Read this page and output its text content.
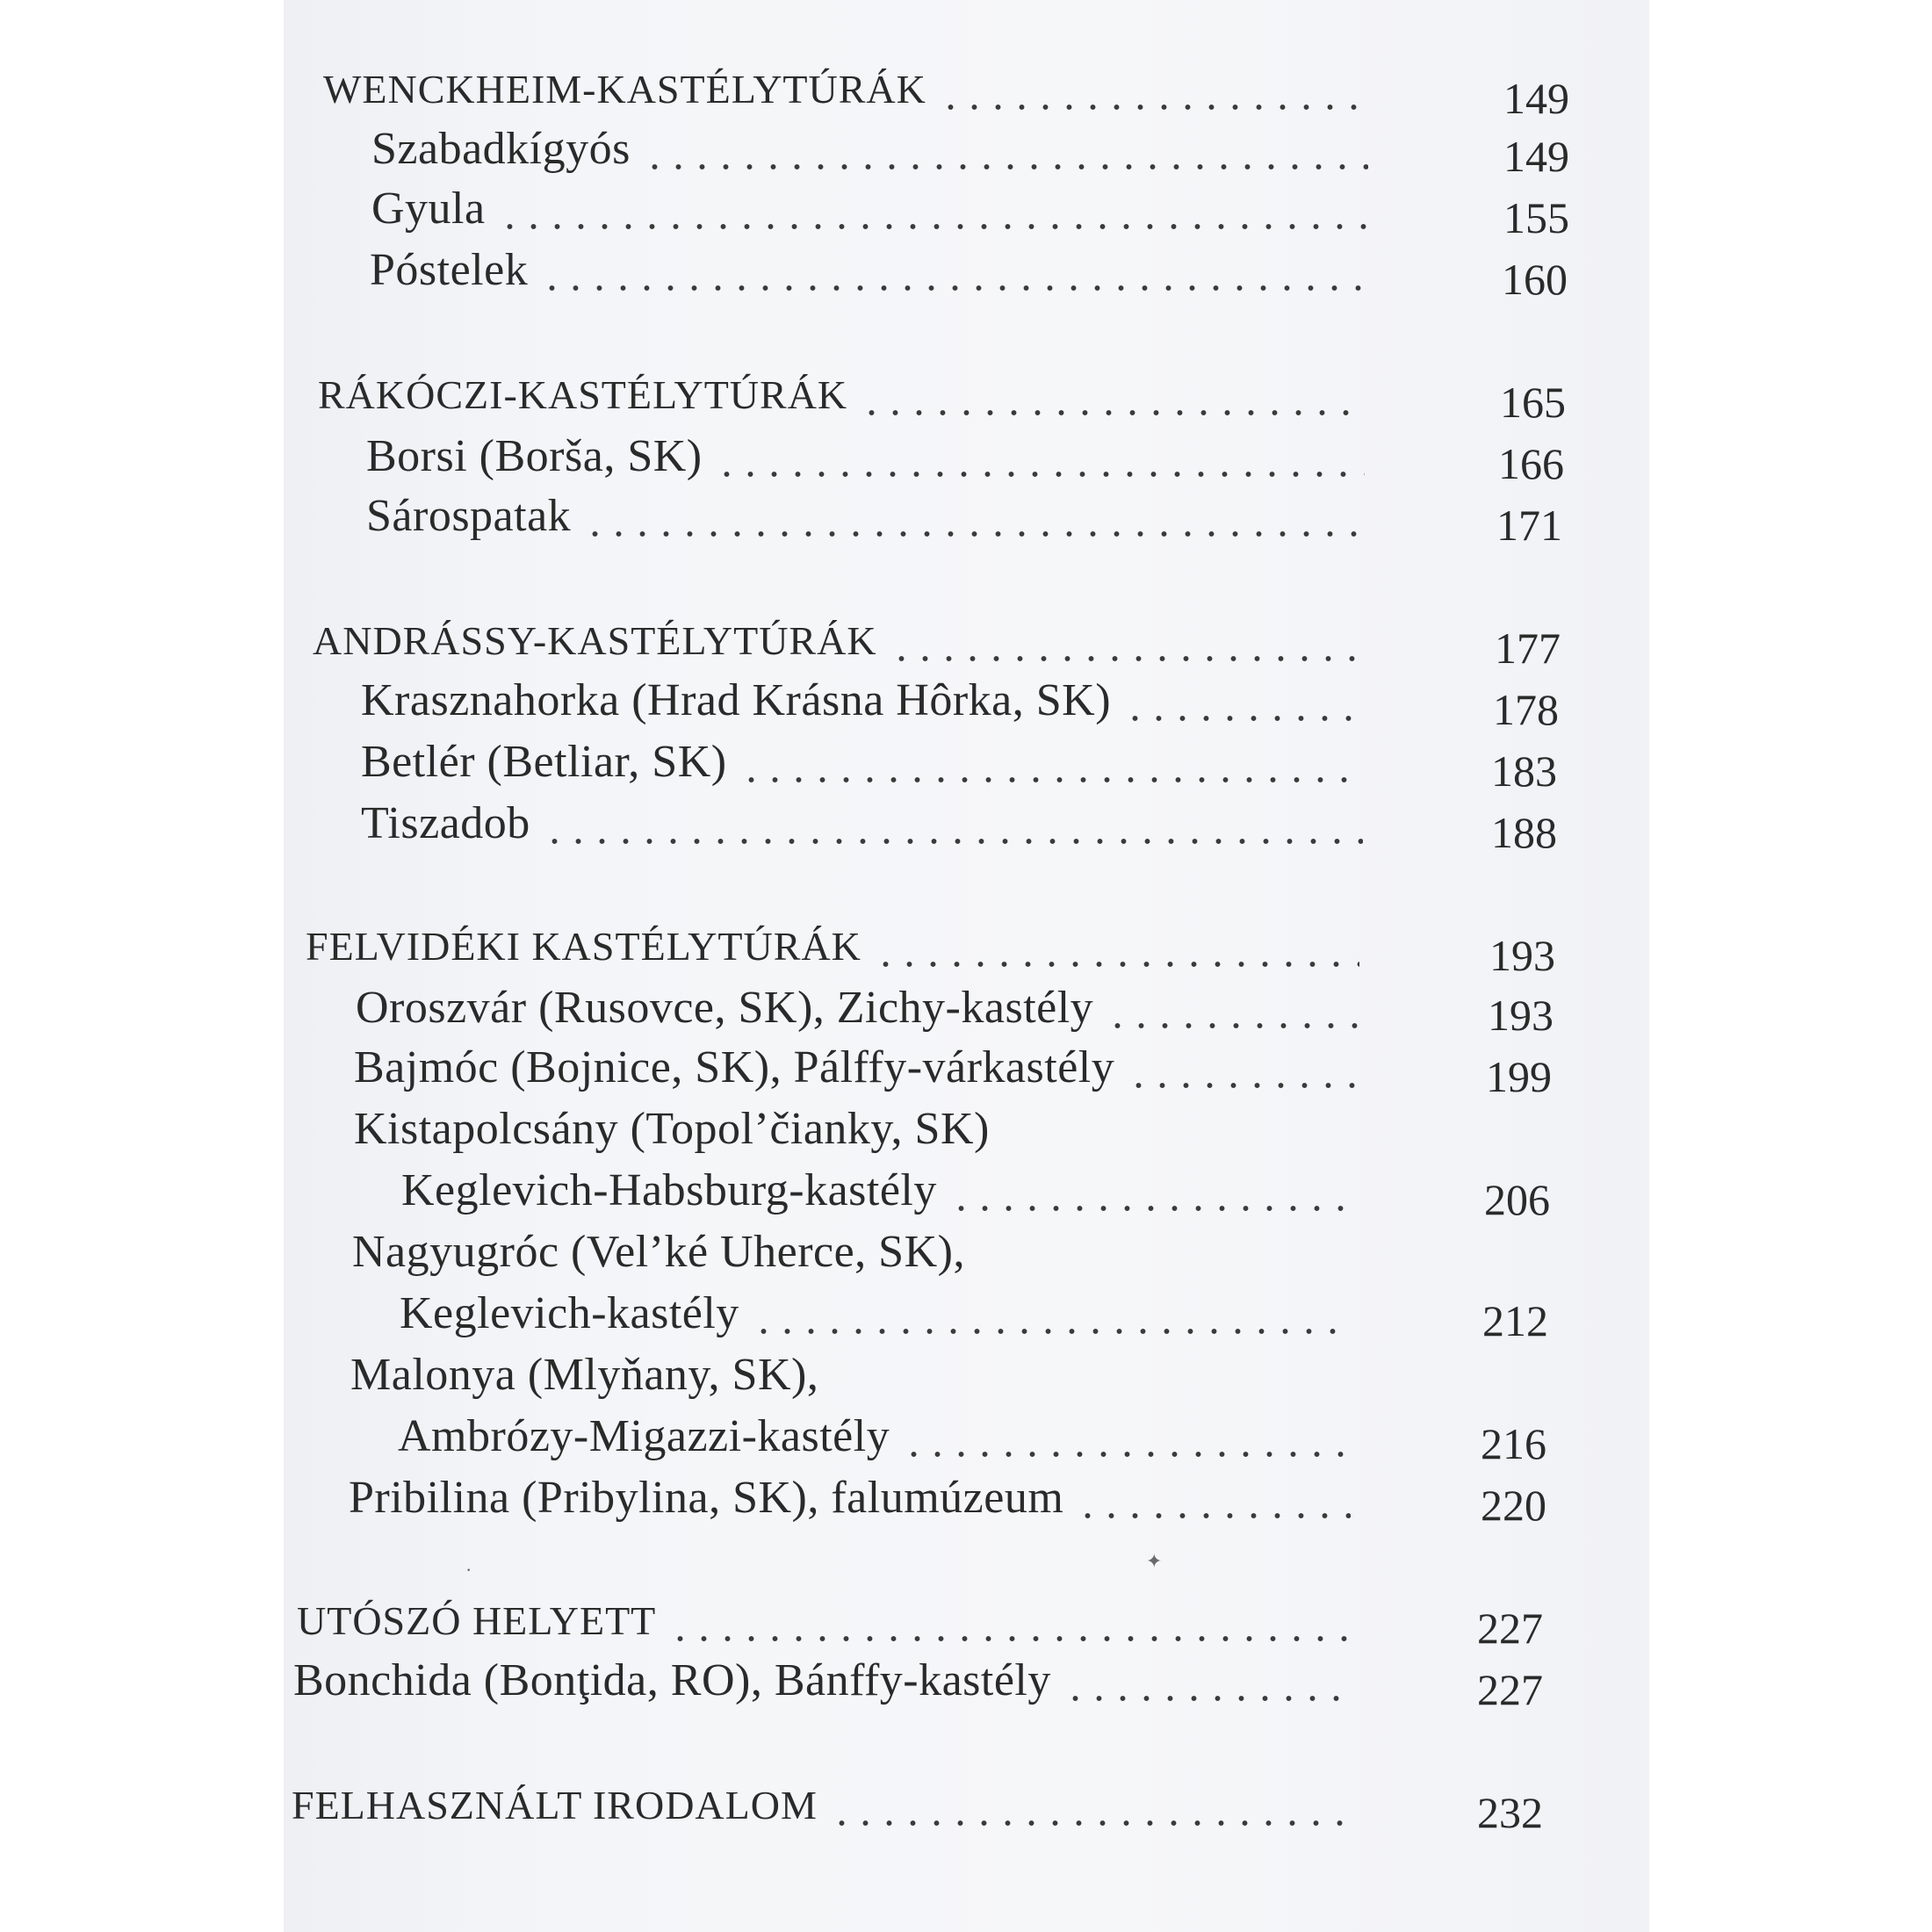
WENCKHEIM-KASTÉLYTÚRÁK	149
Szabadkígyós	149
Gyula	155
Póstelek	160
RÁKÓCZI-KASTÉLYTÚRÁK	165
Borsi (Borša, SK)	166
Sárospatak	171
ANDRÁSSY-KASTÉLYTÚRÁK	177
Krasznahorka (Hrad Krásna Hôrka, SK)	178
Betlér (Betliar, SK)	183
Tiszadob	188
FELVIDÉKI KASTÉLYTÚRÁK	193
Oroszvár (Rusovce, SK), Zichy-kastély	193
Bajmóc (Bojnice, SK), Pálffy-várkastély	199
Kistapolcsány (Topol’čianky, SK)
Keglevich-Habsburg-kastély	206
Nagyugróc (Vel’ké Uherce, SK),
Keglevich-kastély	212
Malonya (Mlyňany, SK),
Ambrózy-Migazzi-kastély	216
Pribilina (Pribylina, SK), falumúzeum	220
UTÓSZÓ HELYETT	227
Bonchida (Bonţida, RO), Bánffy-kastély	227
FELHASZNÁLT IRODALOM	232
✦
·
